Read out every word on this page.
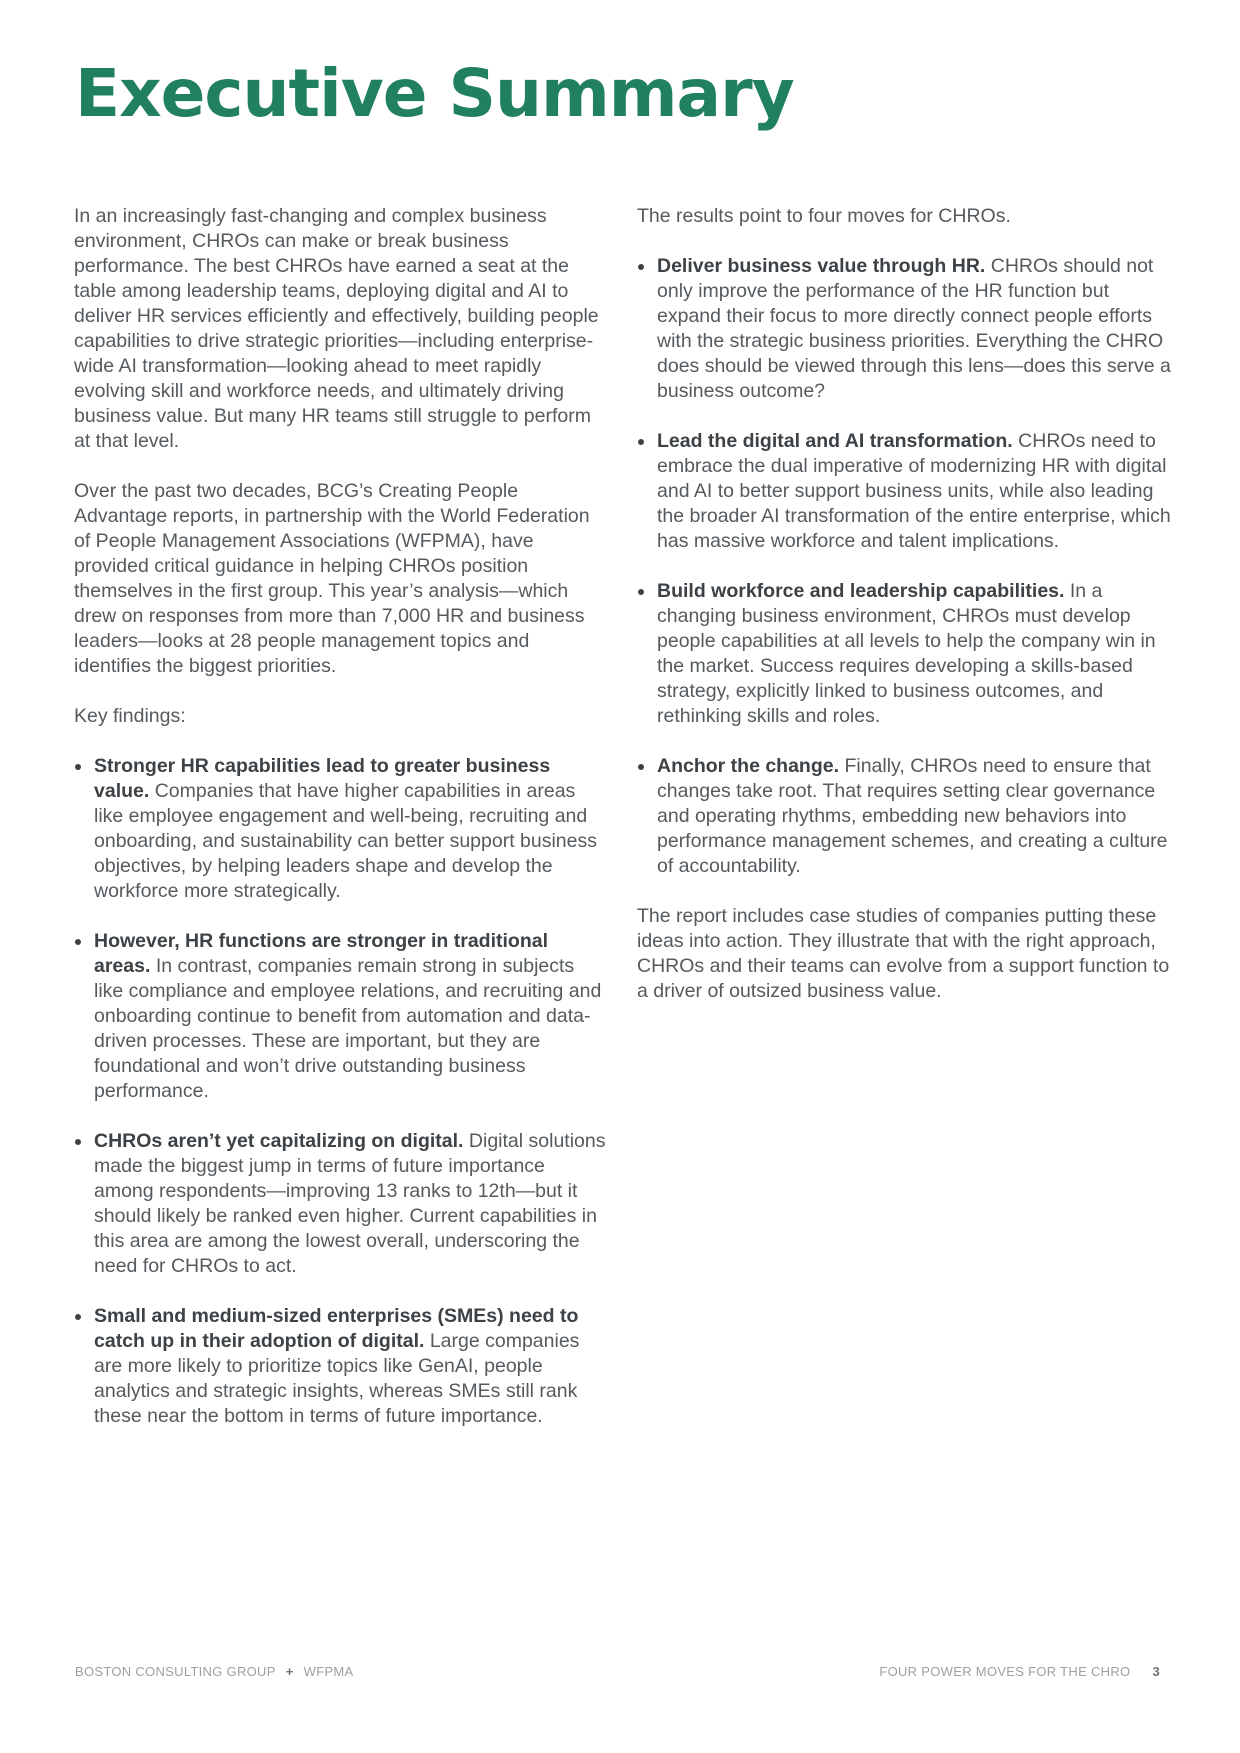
Executive Summary

In an increasingly fast-changing and complex business environment, CHROs can make or break business performance. The best CHROs have earned a seat at the table among leadership teams, deploying digital and AI to deliver HR services efficiently and effectively, building people capabilities to drive strategic priorities—including enterprise-wide AI transformation—looking ahead to meet rapidly evolving skill and workforce needs, and ultimately driving business value. But many HR teams still struggle to perform at that level.

Over the past two decades, BCG’s Creating People Advantage reports, in partnership with the World Federation of People Management Associations (WFPMA), have provided critical guidance in helping CHROs position themselves in the first group. This year’s analysis—which drew on responses from more than 7,000 HR and business leaders—looks at 28 people management topics and identifies the biggest priorities.

Key findings:

Stronger HR capabilities lead to greater business value. Companies that have higher capabilities in areas like employee engagement and well-being, recruiting and onboarding, and sustainability can better support business objectives, by helping leaders shape and develop the workforce more strategically.
However, HR functions are stronger in traditional areas. In contrast, companies remain strong in subjects like compliance and employee relations, and recruiting and onboarding continue to benefit from automation and data-driven processes. These are important, but they are foundational and won’t drive outstanding business performance.
CHROs aren’t yet capitalizing on digital. Digital solutions made the biggest jump in terms of future importance among respondents—improving 13 ranks to 12th—but it should likely be ranked even higher. Current capabilities in this area are among the lowest overall, underscoring the need for CHROs to act.
Small and medium-sized enterprises (SMEs) need to catch up in their adoption of digital. Large companies are more likely to prioritize topics like GenAI, people analytics and strategic insights, whereas SMEs still rank these near the bottom in terms of future importance.

The results point to four moves for CHROs.

Deliver business value through HR. CHROs should not only improve the performance of the HR function but expand their focus to more directly connect people efforts with the strategic business priorities. Everything the CHRO does should be viewed through this lens—does this serve a business outcome?
Lead the digital and AI transformation. CHROs need to embrace the dual imperative of modernizing HR with digital and AI to better support business units, while also leading the broader AI transformation of the entire enterprise, which has massive workforce and talent implications.
Build workforce and leadership capabilities. In a changing business environment, CHROs must develop people capabilities at all levels to help the company win in the market. Success requires developing a skills-based strategy, explicitly linked to business outcomes, and rethinking skills and roles.
Anchor the change. Finally, CHROs need to ensure that changes take root. That requires setting clear governance and operating rhythms, embedding new behaviors into performance management schemes, and creating a culture of accountability.

The report includes case studies of companies putting these ideas into action. They illustrate that with the right approach, CHROs and their teams can evolve from a support function to a driver of outsized business value.

BOSTON CONSULTING GROUP + WFPMA	FOUR POWER MOVES FOR THE CHRO 3
